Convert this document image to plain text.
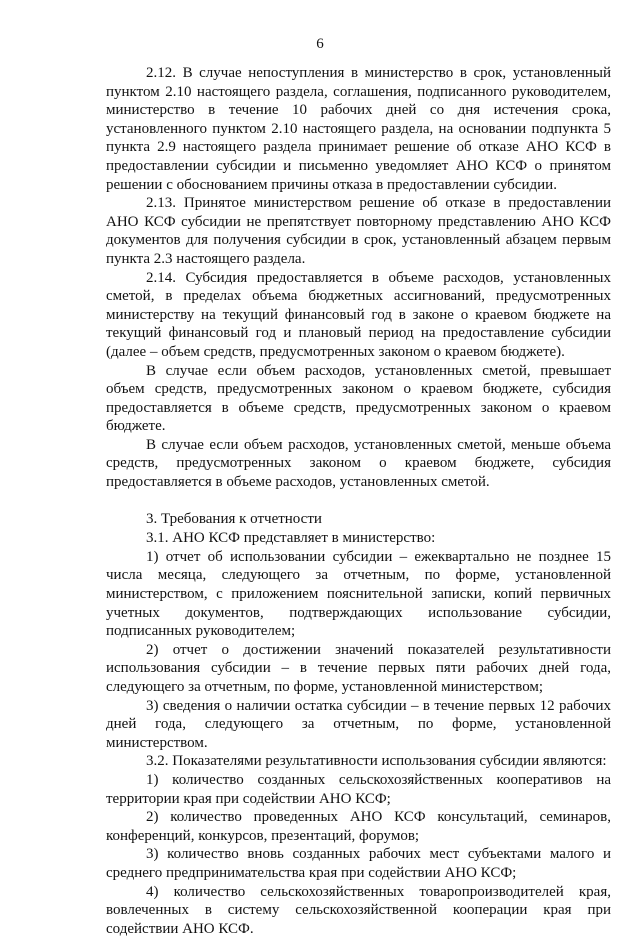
6

2.12. В случае непоступления в министерство в срок, установленный пунктом 2.10 настоящего раздела, соглашения, подписанного руководителем, министерство в течение 10 рабочих дней со дня истечения срока, установленного пунктом 2.10 настоящего раздела, на основании подпункта 5 пункта 2.9 настоящего раздела принимает решение об отказе АНО КСФ в предоставлении субсидии и письменно уведомляет АНО КСФ о принятом решении с обоснованием причины отказа в предоставлении субсидии.

2.13. Принятое министерством решение об отказе в предоставлении АНО КСФ субсидии не препятствует повторному представлению АНО КСФ документов для получения субсидии в срок, установленный абзацем первым пункта 2.3 настоящего раздела.

2.14. Субсидия предоставляется в объеме расходов, установленных сметой, в пределах объема бюджетных ассигнований, предусмотренных министерству на текущий финансовый год в законе о краевом бюджете на текущий финансовый год и плановый период на предоставление субсидии (далее – объем средств, предусмотренных законом о краевом бюджете).

В случае если объем расходов, установленных сметой, превышает объем средств, предусмотренных законом о краевом бюджете, субсидия предоставляется в объеме средств, предусмотренных законом о краевом бюджете.

В случае если объем расходов, установленных сметой, меньше объема средств, предусмотренных законом о краевом бюджете, субсидия предоставляется в объеме расходов, установленных сметой.

3. Требования к отчетности

3.1. АНО КСФ представляет в министерство:

1) отчет об использовании субсидии – ежеквартально не позднее 15 числа месяца, следующего за отчетным, по форме, установленной министерством, с приложением пояснительной записки, копий первичных учетных документов, подтверждающих использование субсидии, подписанных руководителем;

2) отчет о достижении значений показателей результативности использования субсидии – в течение первых пяти рабочих дней года, следующего за отчетным, по форме, установленной министерством;

3) сведения о наличии остатка субсидии – в течение первых 12 рабочих дней года, следующего за отчетным, по форме, установленной министерством.

3.2. Показателями результативности использования субсидии являются:

1) количество созданных сельскохозяйственных кооперативов на территории края при содействии АНО КСФ;

2) количество проведенных АНО КСФ консультаций, семинаров, конференций, конкурсов, презентаций, форумов;

3) количество вновь созданных рабочих мест субъектами малого и среднего предпринимательства края при содействии АНО КСФ;

4) количество сельскохозяйственных товаропроизводителей края, вовлеченных в систему сельскохозяйственной кооперации края при содействии АНО КСФ.
